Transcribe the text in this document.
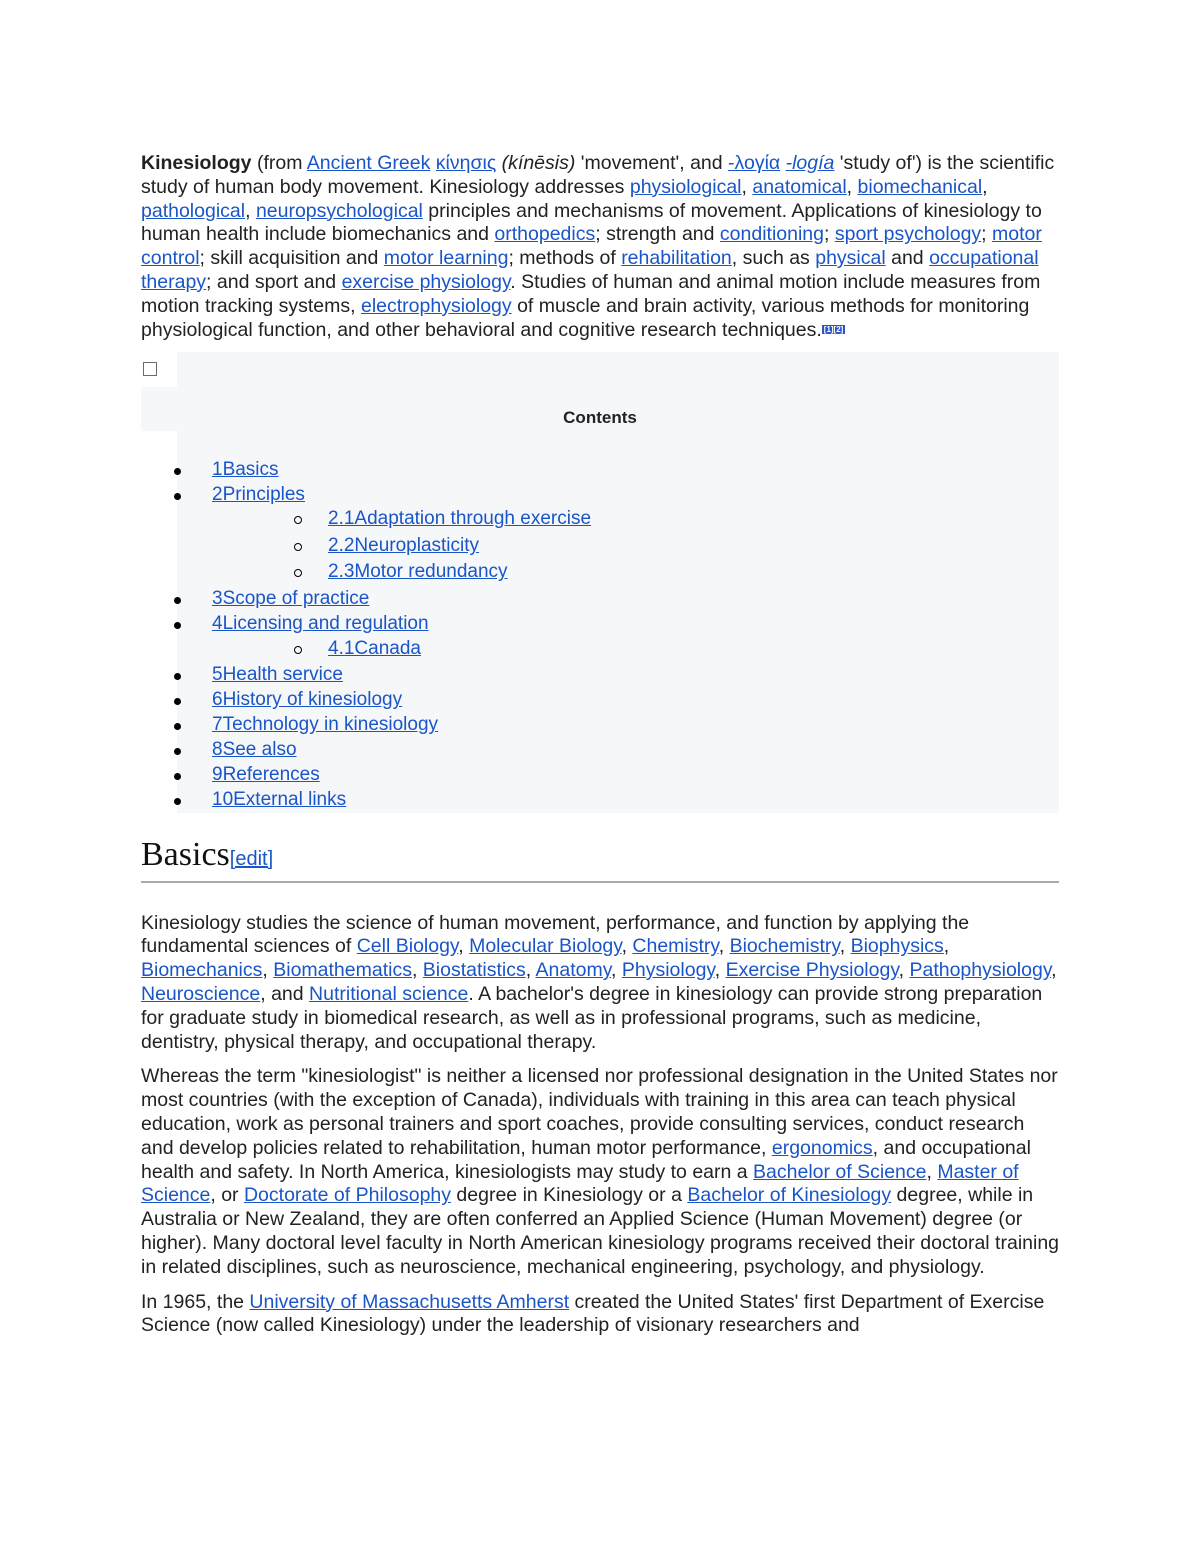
Kinesiology (from Ancient Greek κίνησις (kínēsis) 'movement', and -λογία -logía 'study of') is the scientific study of human body movement. Kinesiology addresses physiological, anatomical, biomechanical, pathological, neuropsychological principles and mechanisms of movement. Applications of kinesiology to human health include biomechanics and orthopedics; strength and conditioning; sport psychology; motor control; skill acquisition and motor learning; methods of rehabilitation, such as physical and occupational therapy; and sport and exercise physiology. Studies of human and animal motion include measures from motion tracking systems, electrophysiology of muscle and brain activity, various methods for monitoring physiological function, and other behavioral and cognitive research techniques. [1][2]

Contents
1Basics
2Principles
2.1Adaptation through exercise
2.2Neuroplasticity
2.3Motor redundancy
3Scope of practice
4Licensing and regulation
4.1Canada
5Health service
6History of kinesiology
7Technology in kinesiology
8See also
9References
10External links
Basics[edit]

Kinesiology studies the science of human movement, performance, and function by applying the fundamental sciences of Cell Biology, Molecular Biology, Chemistry, Biochemistry, Biophysics, Biomechanics, Biomathematics, Biostatistics, Anatomy, Physiology, Exercise Physiology, Pathophysiology, Neuroscience, and Nutritional science. A bachelor's degree in kinesiology can provide strong preparation for graduate study in biomedical research, as well as in professional programs, such as medicine, dentistry, physical therapy, and occupational therapy.

Whereas the term "kinesiologist" is neither a licensed nor professional designation in the United States nor most countries (with the exception of Canada), individuals with training in this area can teach physical education, work as personal trainers and sport coaches, provide consulting services, conduct research and develop policies related to rehabilitation, human motor performance, ergonomics, and occupational health and safety. In North America, kinesiologists may study to earn a Bachelor of Science, Master of Science, or Doctorate of Philosophy degree in Kinesiology or a Bachelor of Kinesiology degree, while in Australia or New Zealand, they are often conferred an Applied Science (Human Movement) degree (or higher). Many doctoral level faculty in North American kinesiology programs received their doctoral training in related disciplines, such as neuroscience, mechanical engineering, psychology, and physiology.

In 1965, the University of Massachusetts Amherst created the United States' first Department of Exercise Science (now called Kinesiology) under the leadership of visionary researchers and
